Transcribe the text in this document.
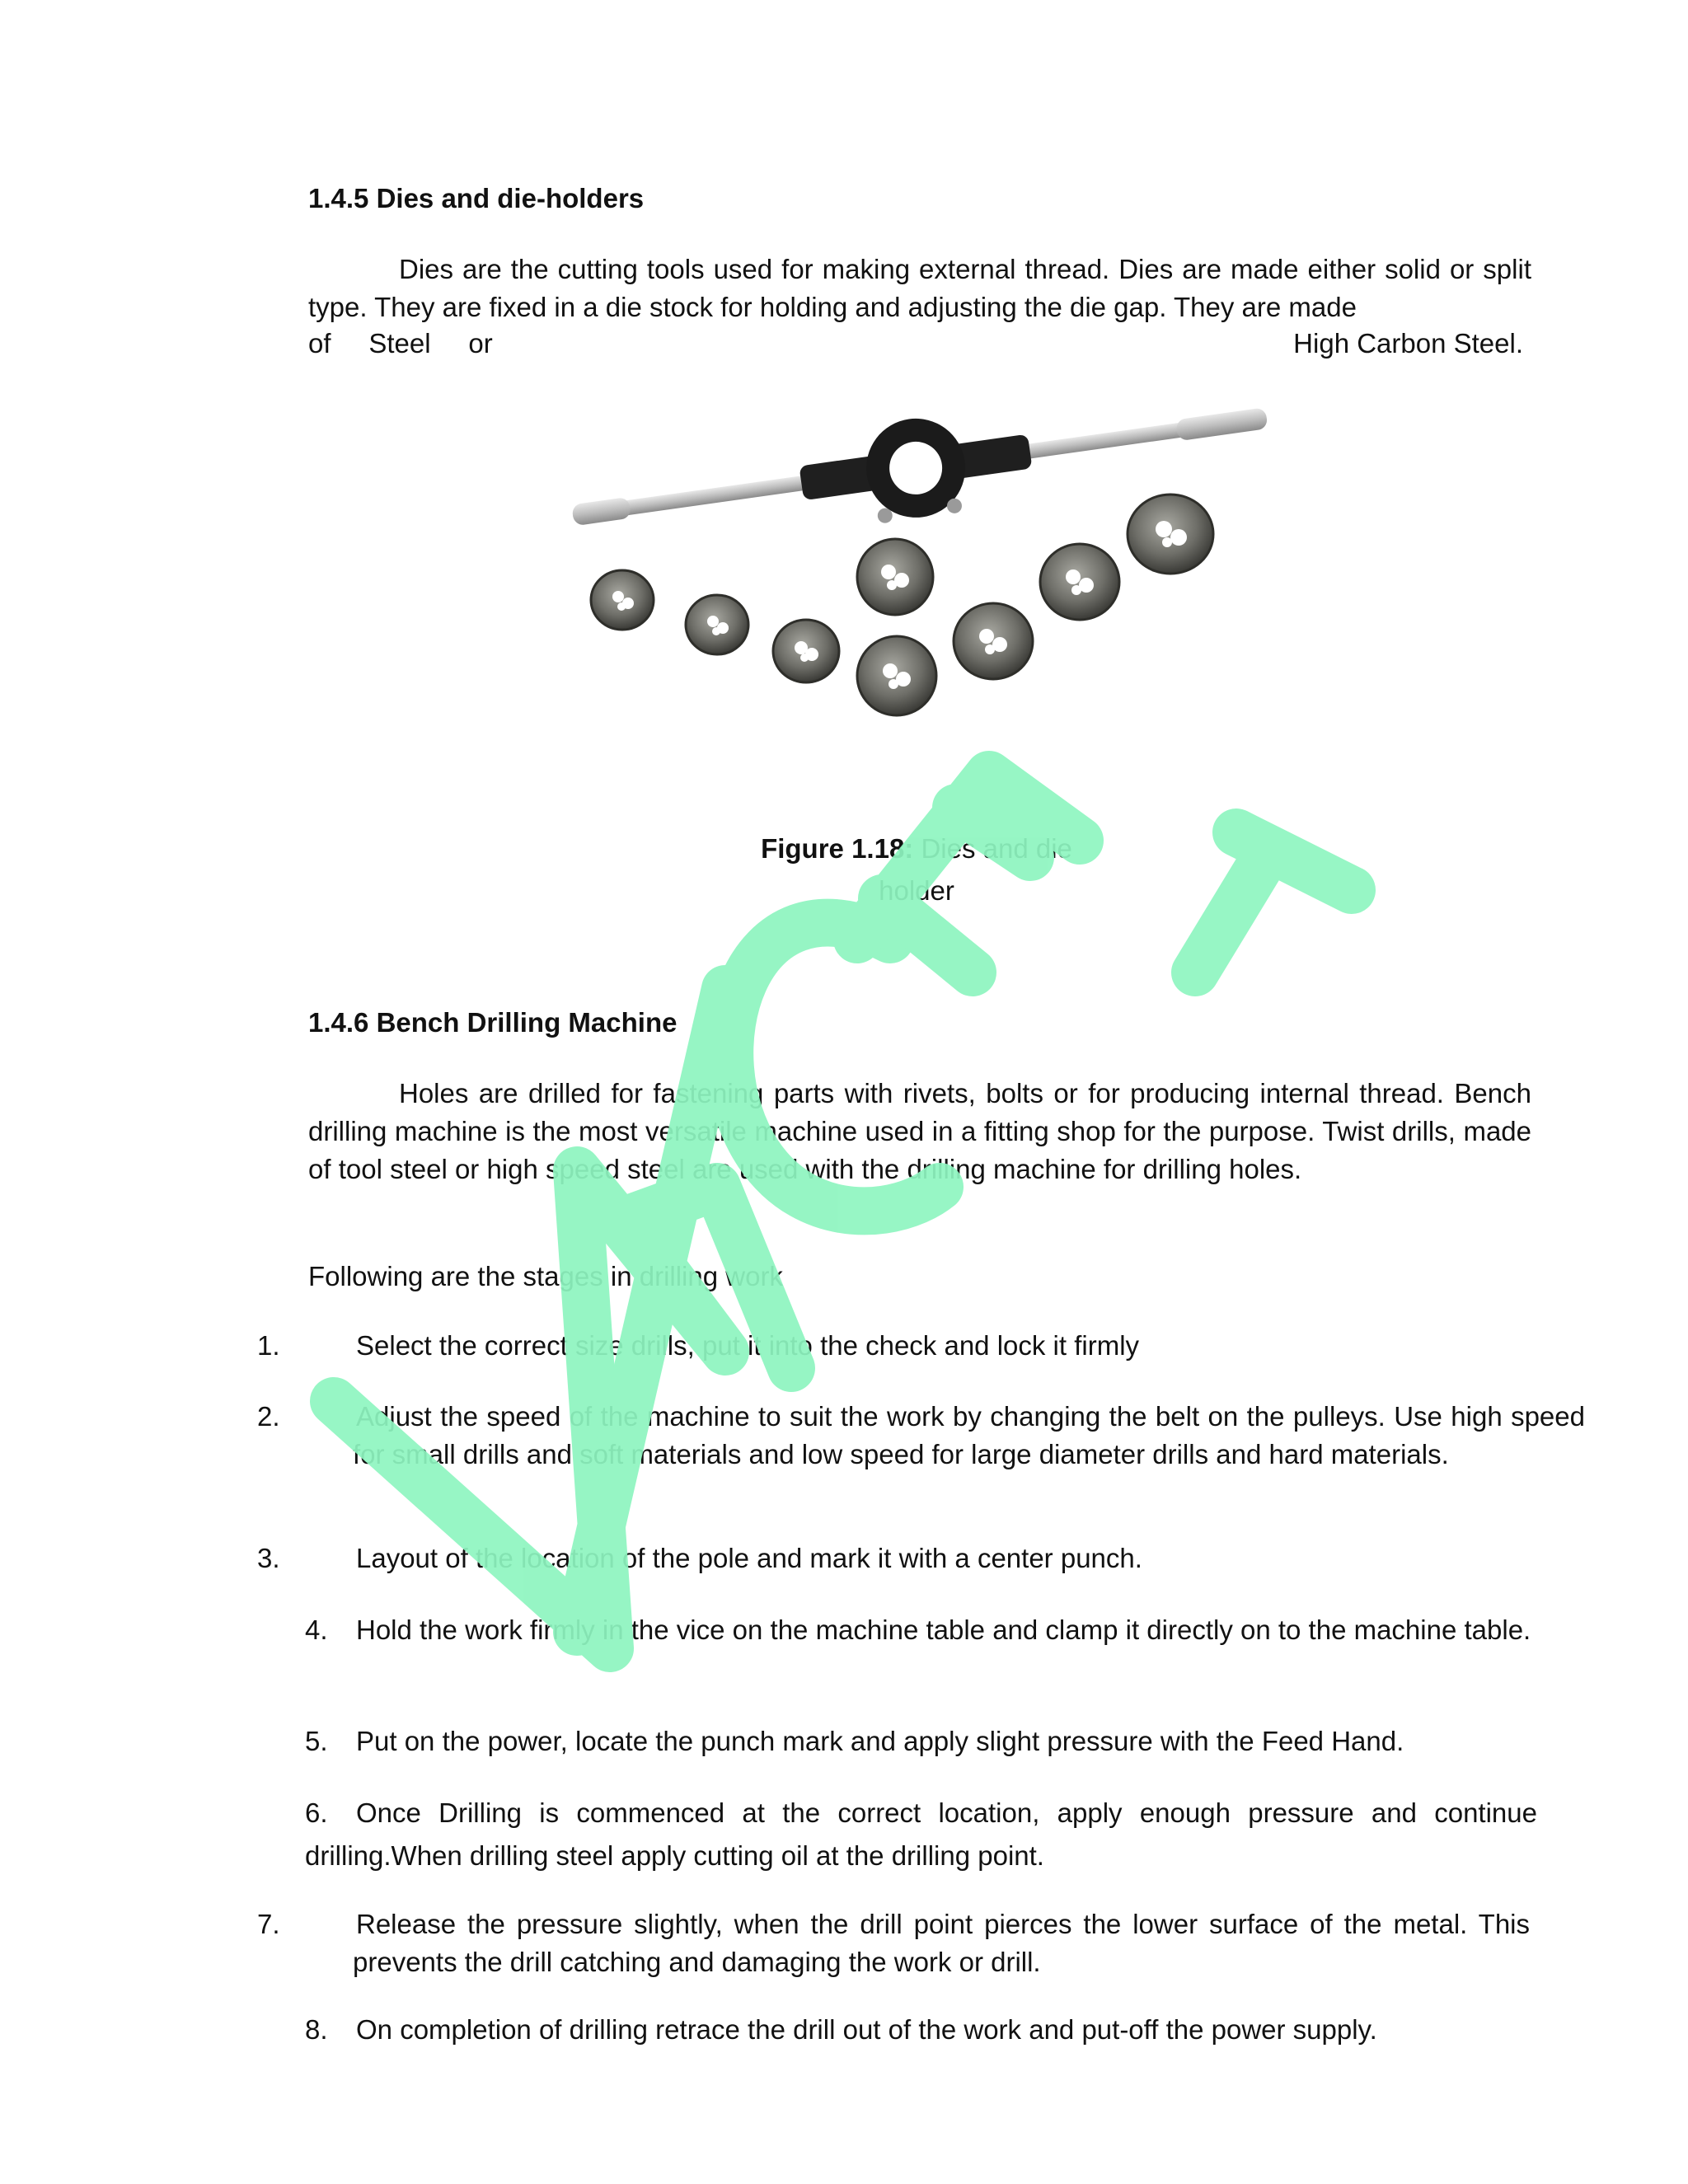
1.4.5 Dies and die-holders
Dies are the cutting tools used for making external thread. Dies are made either solid or split type. They are fixed in a die stock for holding and adjusting the die gap. They are made
of     Steel     or	High Carbon Steel.
Figure 1.18: Dies and die
holder
1.4.6 Bench Drilling Machine
Holes are drilled for fastening parts with rivets, bolts or for producing internal thread. Bench drilling machine is the most versatile machine used in a fitting shop for the purpose. Twist drills, made of tool steel or high speed steel are used with the drilling machine for drilling holes.
Following are the stages in drilling work
1.	Select the correct size drills, put it into the check and lock it firmly
2.	Adjust the speed of the machine to suit the work by changing the belt on the pulleys. Use high speed for small drills and soft materials and low speed for large diameter drills and hard materials.
3.	Layout of the location of the pole and mark it with a center punch.
4. Hold the work firmly in the vice on the machine table and clamp it directly on to the machine table.
5. Put on the power, locate the punch mark and apply slight pressure with the Feed Hand.
6. Once Drilling is commenced at the correct location, apply enough pressure and continue drilling.When drilling steel apply cutting oil at the drilling point.
7.	Release the pressure slightly, when the drill point pierces the lower surface of the metal. This prevents the drill catching and damaging the work or drill.
8. On completion of drilling retrace the drill out of the work and put-off the power supply.
